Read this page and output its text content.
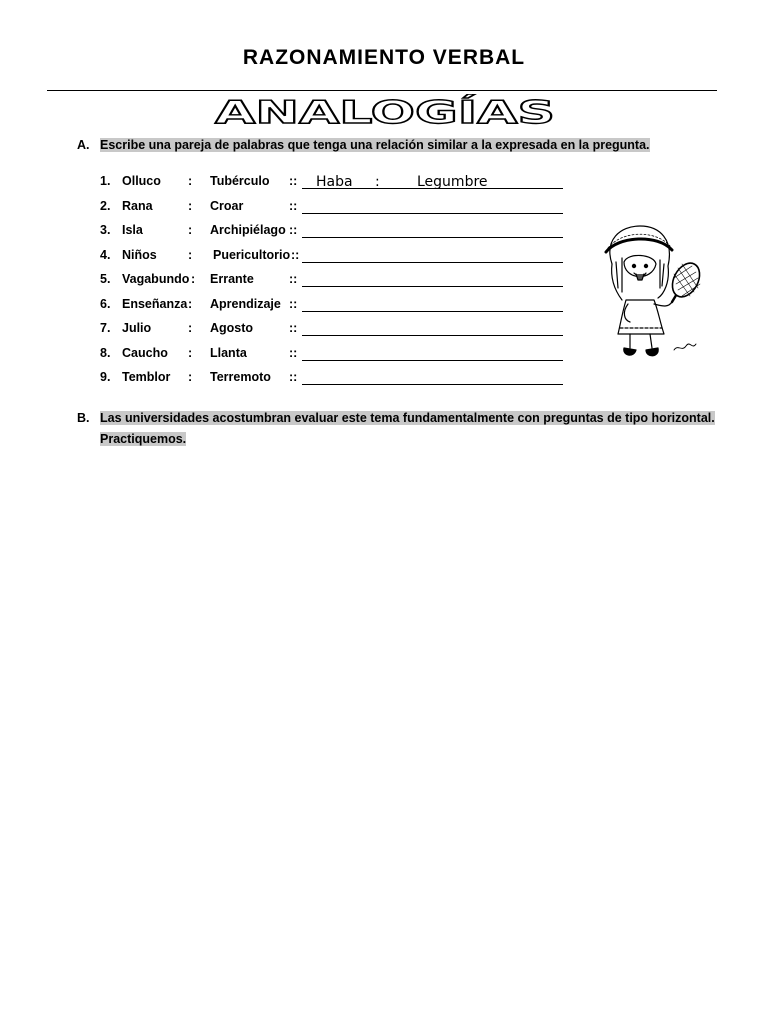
RAZONAMIENTO VERBAL
ANALOGÍAS
A. Escribe una pareja de palabras que tenga una relación similar a la expresada en la pregunta.
1. Olluco : Tubérculo :: Haba :	Legumbre
2. Rana	: Croar	::
3. Isla	: Archipiélago ::
4. Niños	: Puericultorio ::
5. Vagabundo : Errante	::
6. Enseñanza : Aprendizaje ::
7. Julio	: Agosto	::
8. Caucho : Llanta	::
9. Temblor : Terremoto ::
B. Las universidades acostumbran evaluar este tema fundamentalmente con preguntas de tipo horizontal.
Practiquemos.
